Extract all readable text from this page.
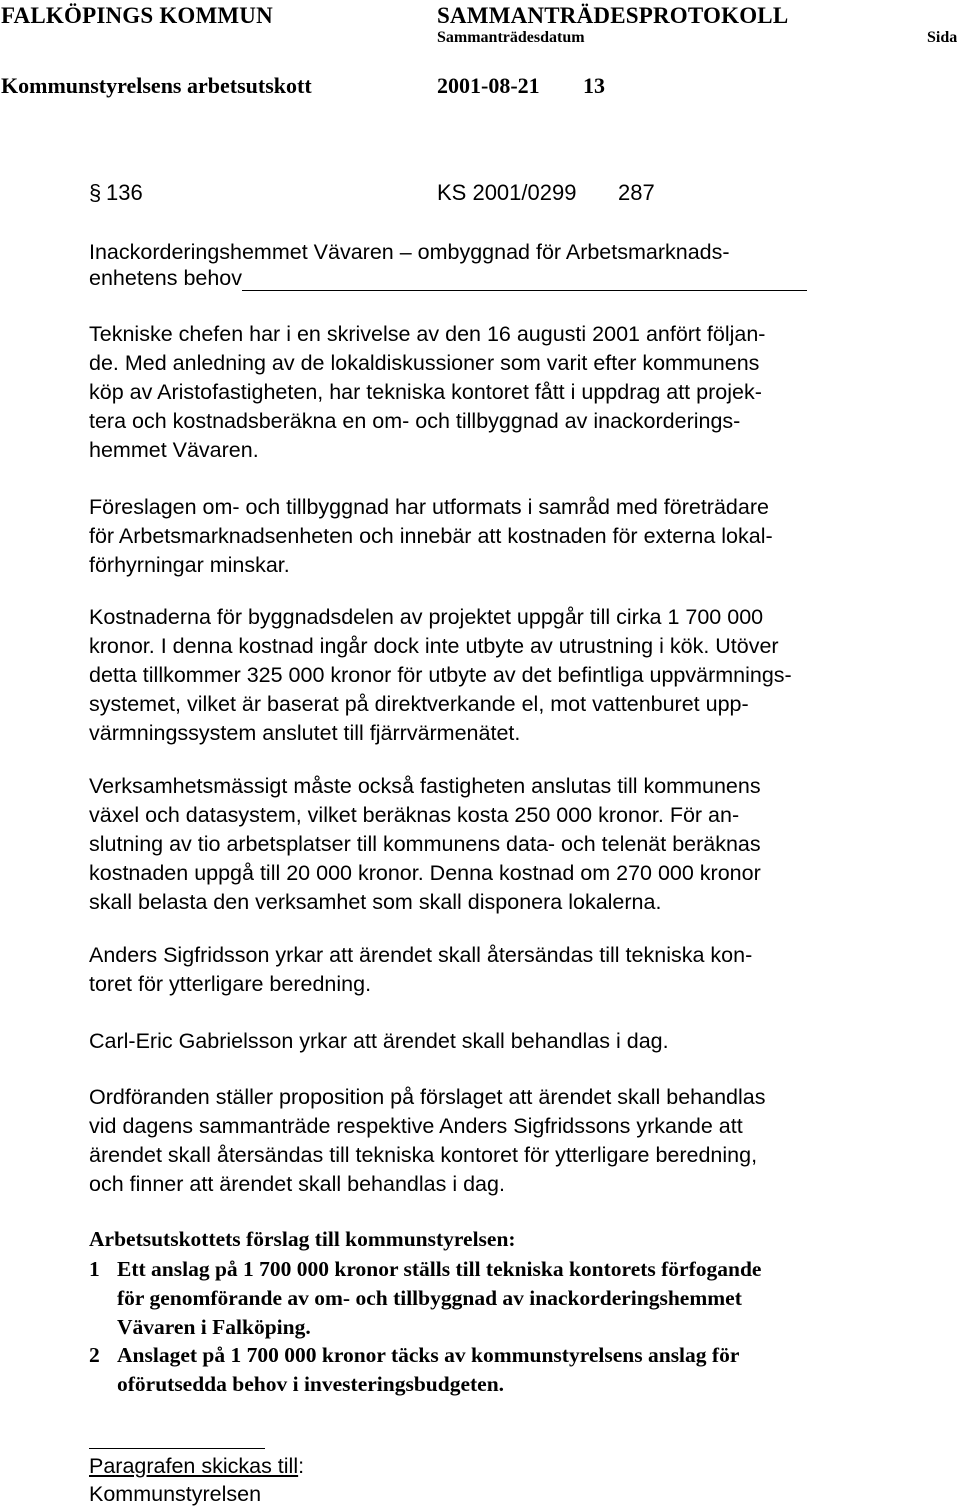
FALKÖPINGS KOMMUN	SAMMANTRÄDESPROTOKOLL
Sammanträdesdatum	Sida
Kommunstyrelsens arbetsutskott	2001-08-21 13
§ 136	KS 2001/0299 287
Inackorderingshemmet Vävaren – ombyggnad för Arbetsmarknads-
enhetens behov
Tekniske chefen har i en skrivelse av den 16 augusti 2001 anfört följan-
de. Med anledning av de lokaldiskussioner som varit efter kommunens
köp av Aristofastigheten, har tekniska kontoret fått i uppdrag att projek-
tera och kostnadsberäkna en om- och tillbyggnad av inackorderings-
hemmet Vävaren.
Föreslagen om- och tillbyggnad har utformats i samråd med företrädare
för Arbetsmarknadsenheten och innebär att kostnaden för externa lokal-
förhyrningar minskar.
Kostnaderna för byggnadsdelen av projektet uppgår till cirka 1 700 000
kronor. I denna kostnad ingår dock inte utbyte av utrustning i kök. Utöver
detta tillkommer 325 000 kronor för utbyte av det befintliga uppvärmnings-
systemet, vilket är baserat på direktverkande el, mot vattenburet upp-
värmningssystem anslutet till fjärrvärmenätet.
Verksamhetsmässigt måste också fastigheten anslutas till kommunens
växel och datasystem, vilket beräknas kosta 250 000 kronor. För an-
slutning av tio arbetsplatser till kommunens data- och telenät beräknas
kostnaden uppgå till 20 000 kronor. Denna kostnad om 270 000 kronor
skall belasta den verksamhet som skall disponera lokalerna.
Anders Sigfridsson yrkar att ärendet skall återsändas till tekniska kon-
toret för ytterligare beredning.
Carl-Eric Gabrielsson yrkar att ärendet skall behandlas i dag.
Ordföranden ställer proposition på förslaget att ärendet skall behandlas
vid dagens sammanträde respektive Anders Sigfridssons yrkande att
ärendet skall återsändas till tekniska kontoret för ytterligare beredning,
och finner att ärendet skall behandlas i dag.
Arbetsutskottets förslag till kommunstyrelsen:
1 Ett anslag på 1 700 000 kronor ställs till tekniska kontorets förfogande
för genomförande av om- och tillbyggnad av inackorderingshemmet
Vävaren i Falköping.
2 Anslaget på 1 700 000 kronor täcks av kommunstyrelsens anslag för
oförutsedda behov i investeringsbudgeten.
Paragrafen skickas till:
Kommunstyrelsen
